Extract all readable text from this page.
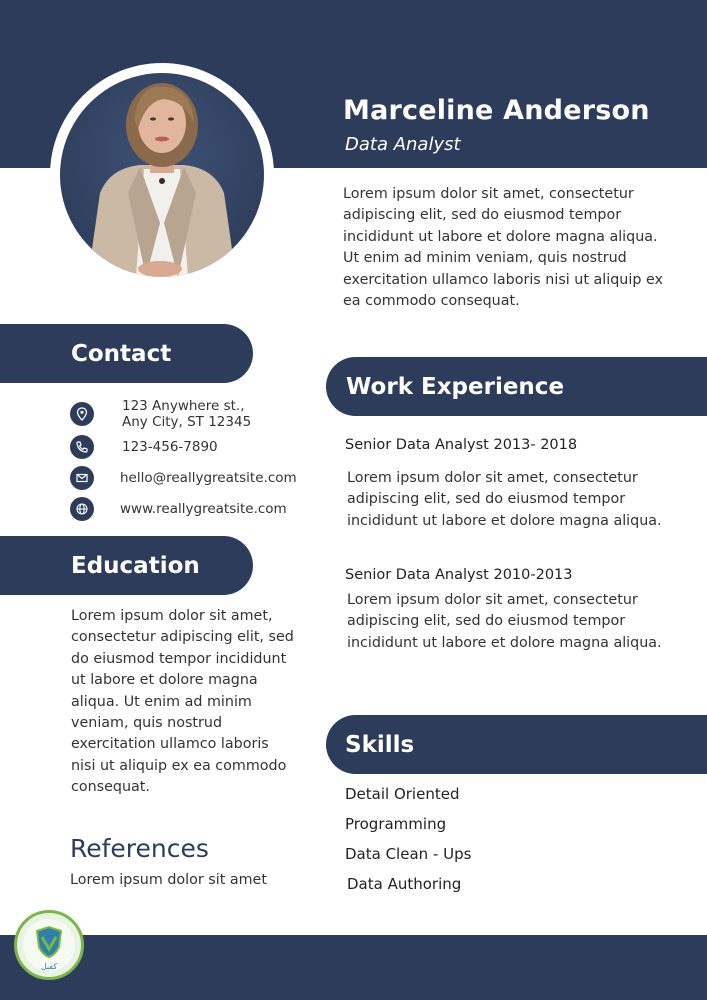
Marceline Anderson
Data Analyst

Lorem ipsum dolor sit amet, consectetur adipiscing elit, sed do eiusmod tempor incididunt ut labore et dolore magna aliqua. Ut enim ad minim veniam, quis nostrud exercitation ullamco laboris nisi ut aliquip ex ea commodo consequat.

Contact
123 Anywhere st.,
Any City, ST 12345
123-456-7890
hello@reallygreatsite.com
www.reallygreatsite.com
Education

Lorem ipsum dolor sit amet, consectetur adipiscing elit, sed do eiusmod tempor incididunt ut labore et dolore magna aliqua. Ut enim ad minim veniam, quis nostrud exercitation ullamco laboris nisi ut aliquip ex ea commodo consequat.

References
Lorem ipsum dolor sit amet
Work Experience
Senior Data Analyst 2013- 2018

Lorem ipsum dolor sit amet, consectetur adipiscing elit, sed do eiusmod tempor incididunt ut labore et dolore magna aliqua.

Senior Data Analyst 2010-2013

Lorem ipsum dolor sit amet, consectetur adipiscing elit, sed do eiusmod tempor incididunt ut labore et dolore magna aliqua.

Skills
Detail Oriented
Programming
Data Clean - Ups
Data Authoring
كفيل
